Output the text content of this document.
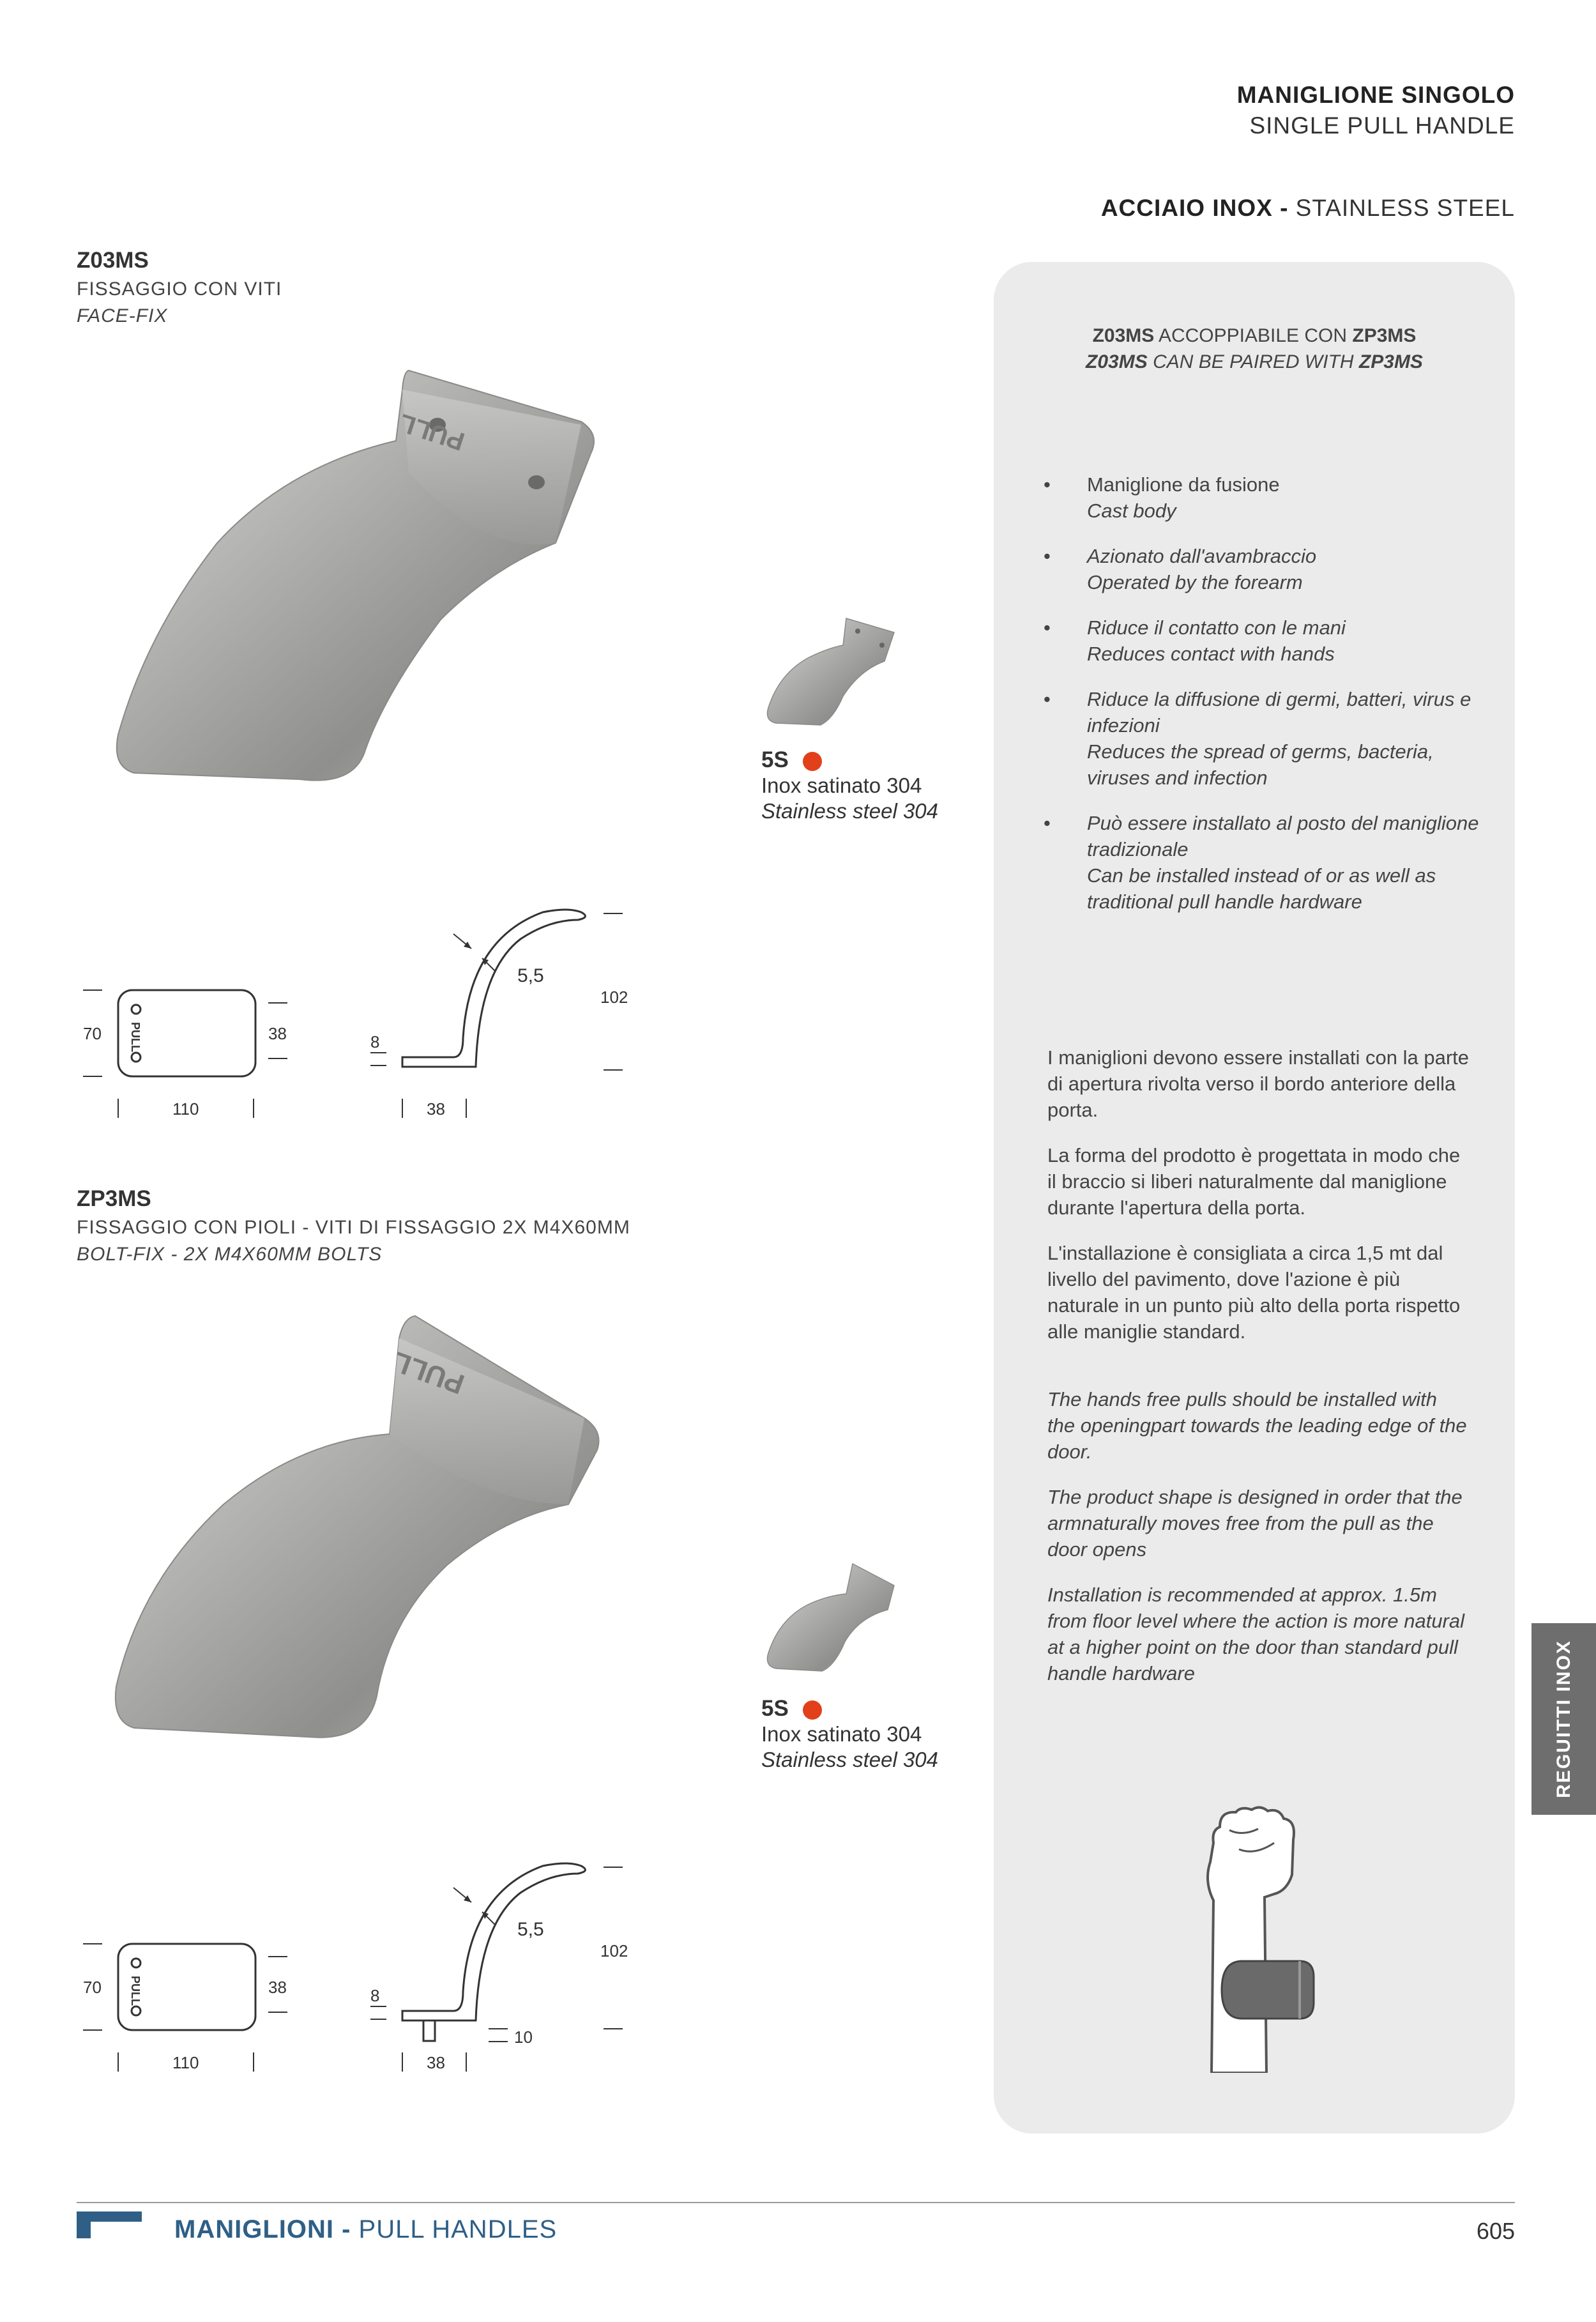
MANIGLIONE SINGOLO
SINGLE PULL HANDLE
ACCIAIO INOX - STAINLESS STEEL
Z03MS
FISSAGGIO CON VITI
FACE-FIX
PULL
5S
Inox satinato 304
Stainless steel 304
70 PULL	38
110
5,5
102
8
38
ZP3MS
FISSAGGIO CON PIOLI - VITI DI FISSAGGIO 2X M4X60MM
BOLT-FIX - 2X M4X60MM BOLTS
PULL
5S
Inox satinato 304
Stainless steel 304
70 PULL	38
110
5,5
102
8
10
38
Z03MS ACCOPPIABILE CON ZP3MS
Z03MS CAN BE PAIRED WITH ZP3MS
• Maniglione da fusione
Cast body
• Azionato dall'avambraccio
Operated by the forearm
• Riduce il contatto con le mani
Reduces contact with hands
• Riduce la diffusione di germi, batteri, virus e infezioni
Reduces the spread of germs, bacteria, viruses and infection
• Può essere installato al posto del maniglione tradizionale
Can be installed instead of or as well as traditional pull handle hardware
I maniglioni devono essere installati con la parte di apertura rivolta verso il bordo anteriore della porta.
La forma del prodotto è progettata in modo che il braccio si liberi naturalmente dal maniglione durante l'apertura della porta.
L'installazione è consigliata a circa 1,5 mt dal livello del pavimento, dove l'azione è più naturale in un punto più alto della porta rispetto alle maniglie standard.
The hands free pulls should be installed with the openingpart towards the leading edge of the door.
The product shape is designed in order that the armnaturally moves free from the pull as the door opens
Installation is recommended at approx. 1.5m from floor level where the action is more natural at a higher point on the door than standard pull handle hardware	REGUITTI INOX
MANIGLIONI - PULL HANDLES	605
